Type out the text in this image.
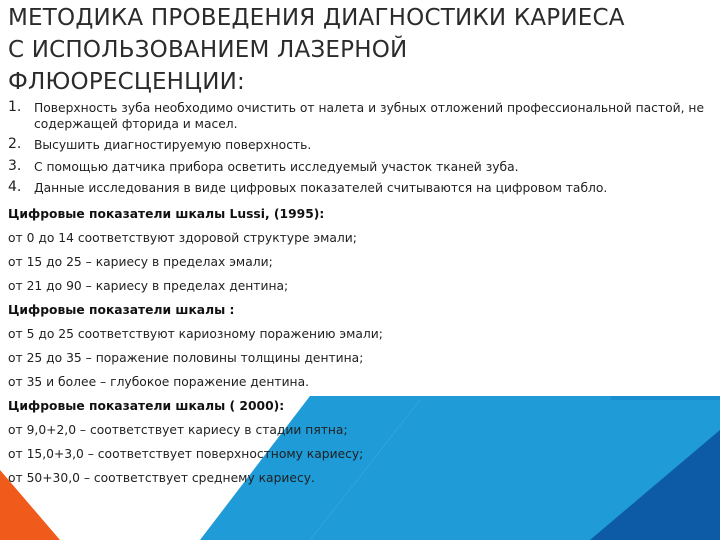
МЕТОДИКА ПРОВЕДЕНИЯ ДИАГНОСТИКИ КАРИЕСА
С ИСПОЛЬЗОВАНИЕМ ЛАЗЕРНОЙ
ФЛЮОРЕСЦЕНЦИИ:
1.	Поверхность зуба необходимо очистить от налета и зубных отложений профессиональной пастой, не содержащей фторида и масел.
2.	Высушить диагностируемую поверхность.
3.	С помощью датчика прибора осветить исследуемый участок тканей зуба.
4.	Данные исследования в виде цифровых показателей считываются на цифровом табло.
Цифровые показатели шкалы Lussi, (1995):
от 0 до 14 соответствуют здоровой структуре эмали;
от 15 до 25 – кариесу в пределах эмали;
от 21 до 90 – кариесу в пределах дентина;
Цифровые показатели шкалы :
от 5 до 25 соответствуют кариозному поражению эмали;
от 25 до 35 – поражение половины толщины дентина;
от 35 и более – глубокое поражение дентина.
Цифровые показатели шкалы ( 2000):
от 9,0+2,0 – соответствует кариесу в стадии пятна;
от 15,0+3,0 – соответствует поверхностному кариесу;
от 50+30,0 – соответствует среднему кариесу.
